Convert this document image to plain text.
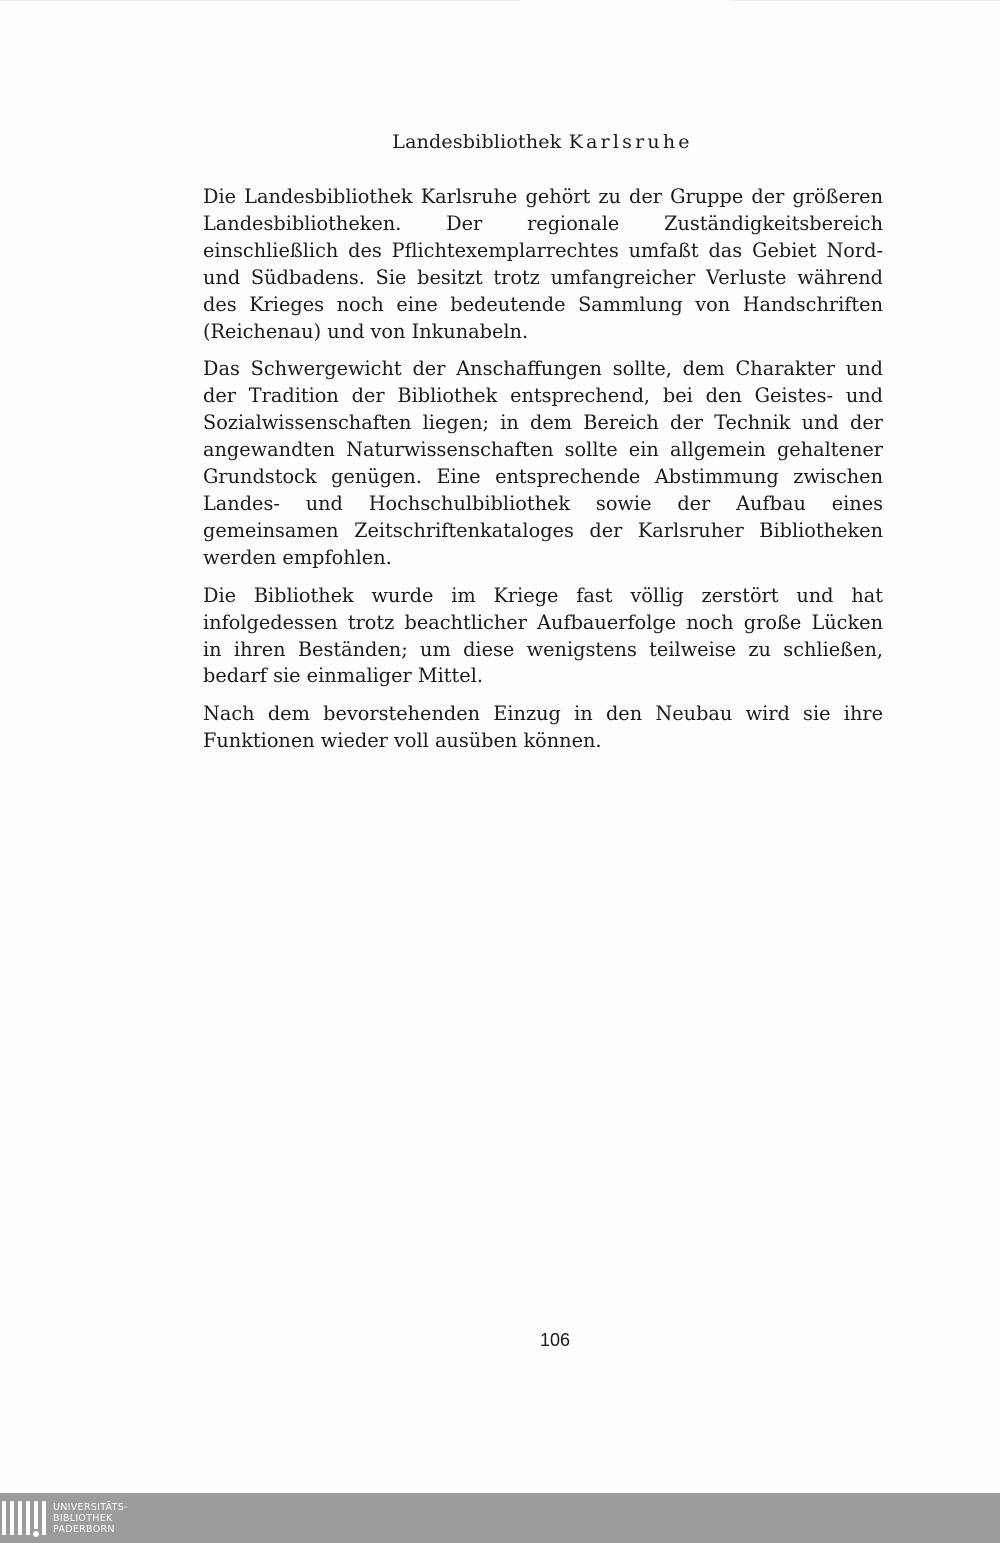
Landesbibliothek Karlsruhe

Die Landesbibliothek Karlsruhe gehört zu der Gruppe der größeren Landesbibliotheken. Der regionale Zuständigkeitsbereich einschließlich des Pflichtexemplarrechtes umfaßt das Gebiet Nord- und Südbadens. Sie besitzt trotz umfangreicher Verluste während des Krieges noch eine bedeutende Sammlung von Handschriften (Reichenau) und von Inkunabeln.

Das Schwergewicht der Anschaffungen sollte, dem Charakter und der Tradition der Bibliothek entsprechend, bei den Geistes- und Sozialwissenschaften liegen; in dem Bereich der Technik und der angewandten Naturwissenschaften sollte ein allgemein gehaltener Grundstock genügen. Eine entsprechende Abstimmung zwischen Landes- und Hochschulbibliothek sowie der Aufbau eines gemeinsamen Zeitschriftenkataloges der Karlsruher Bibliotheken werden empfohlen.

Die Bibliothek wurde im Kriege fast völlig zerstört und hat infolgedessen trotz beachtlicher Aufbauerfolge noch große Lücken in ihren Beständen; um diese wenigstens teilweise zu schließen, bedarf sie einmaliger Mittel.

Nach dem bevorstehenden Einzug in den Neubau wird sie ihre Funktionen wieder voll ausüben können.

106
UNIVERSITÄTS-
BIBLIOTHEK
PADERBORN
